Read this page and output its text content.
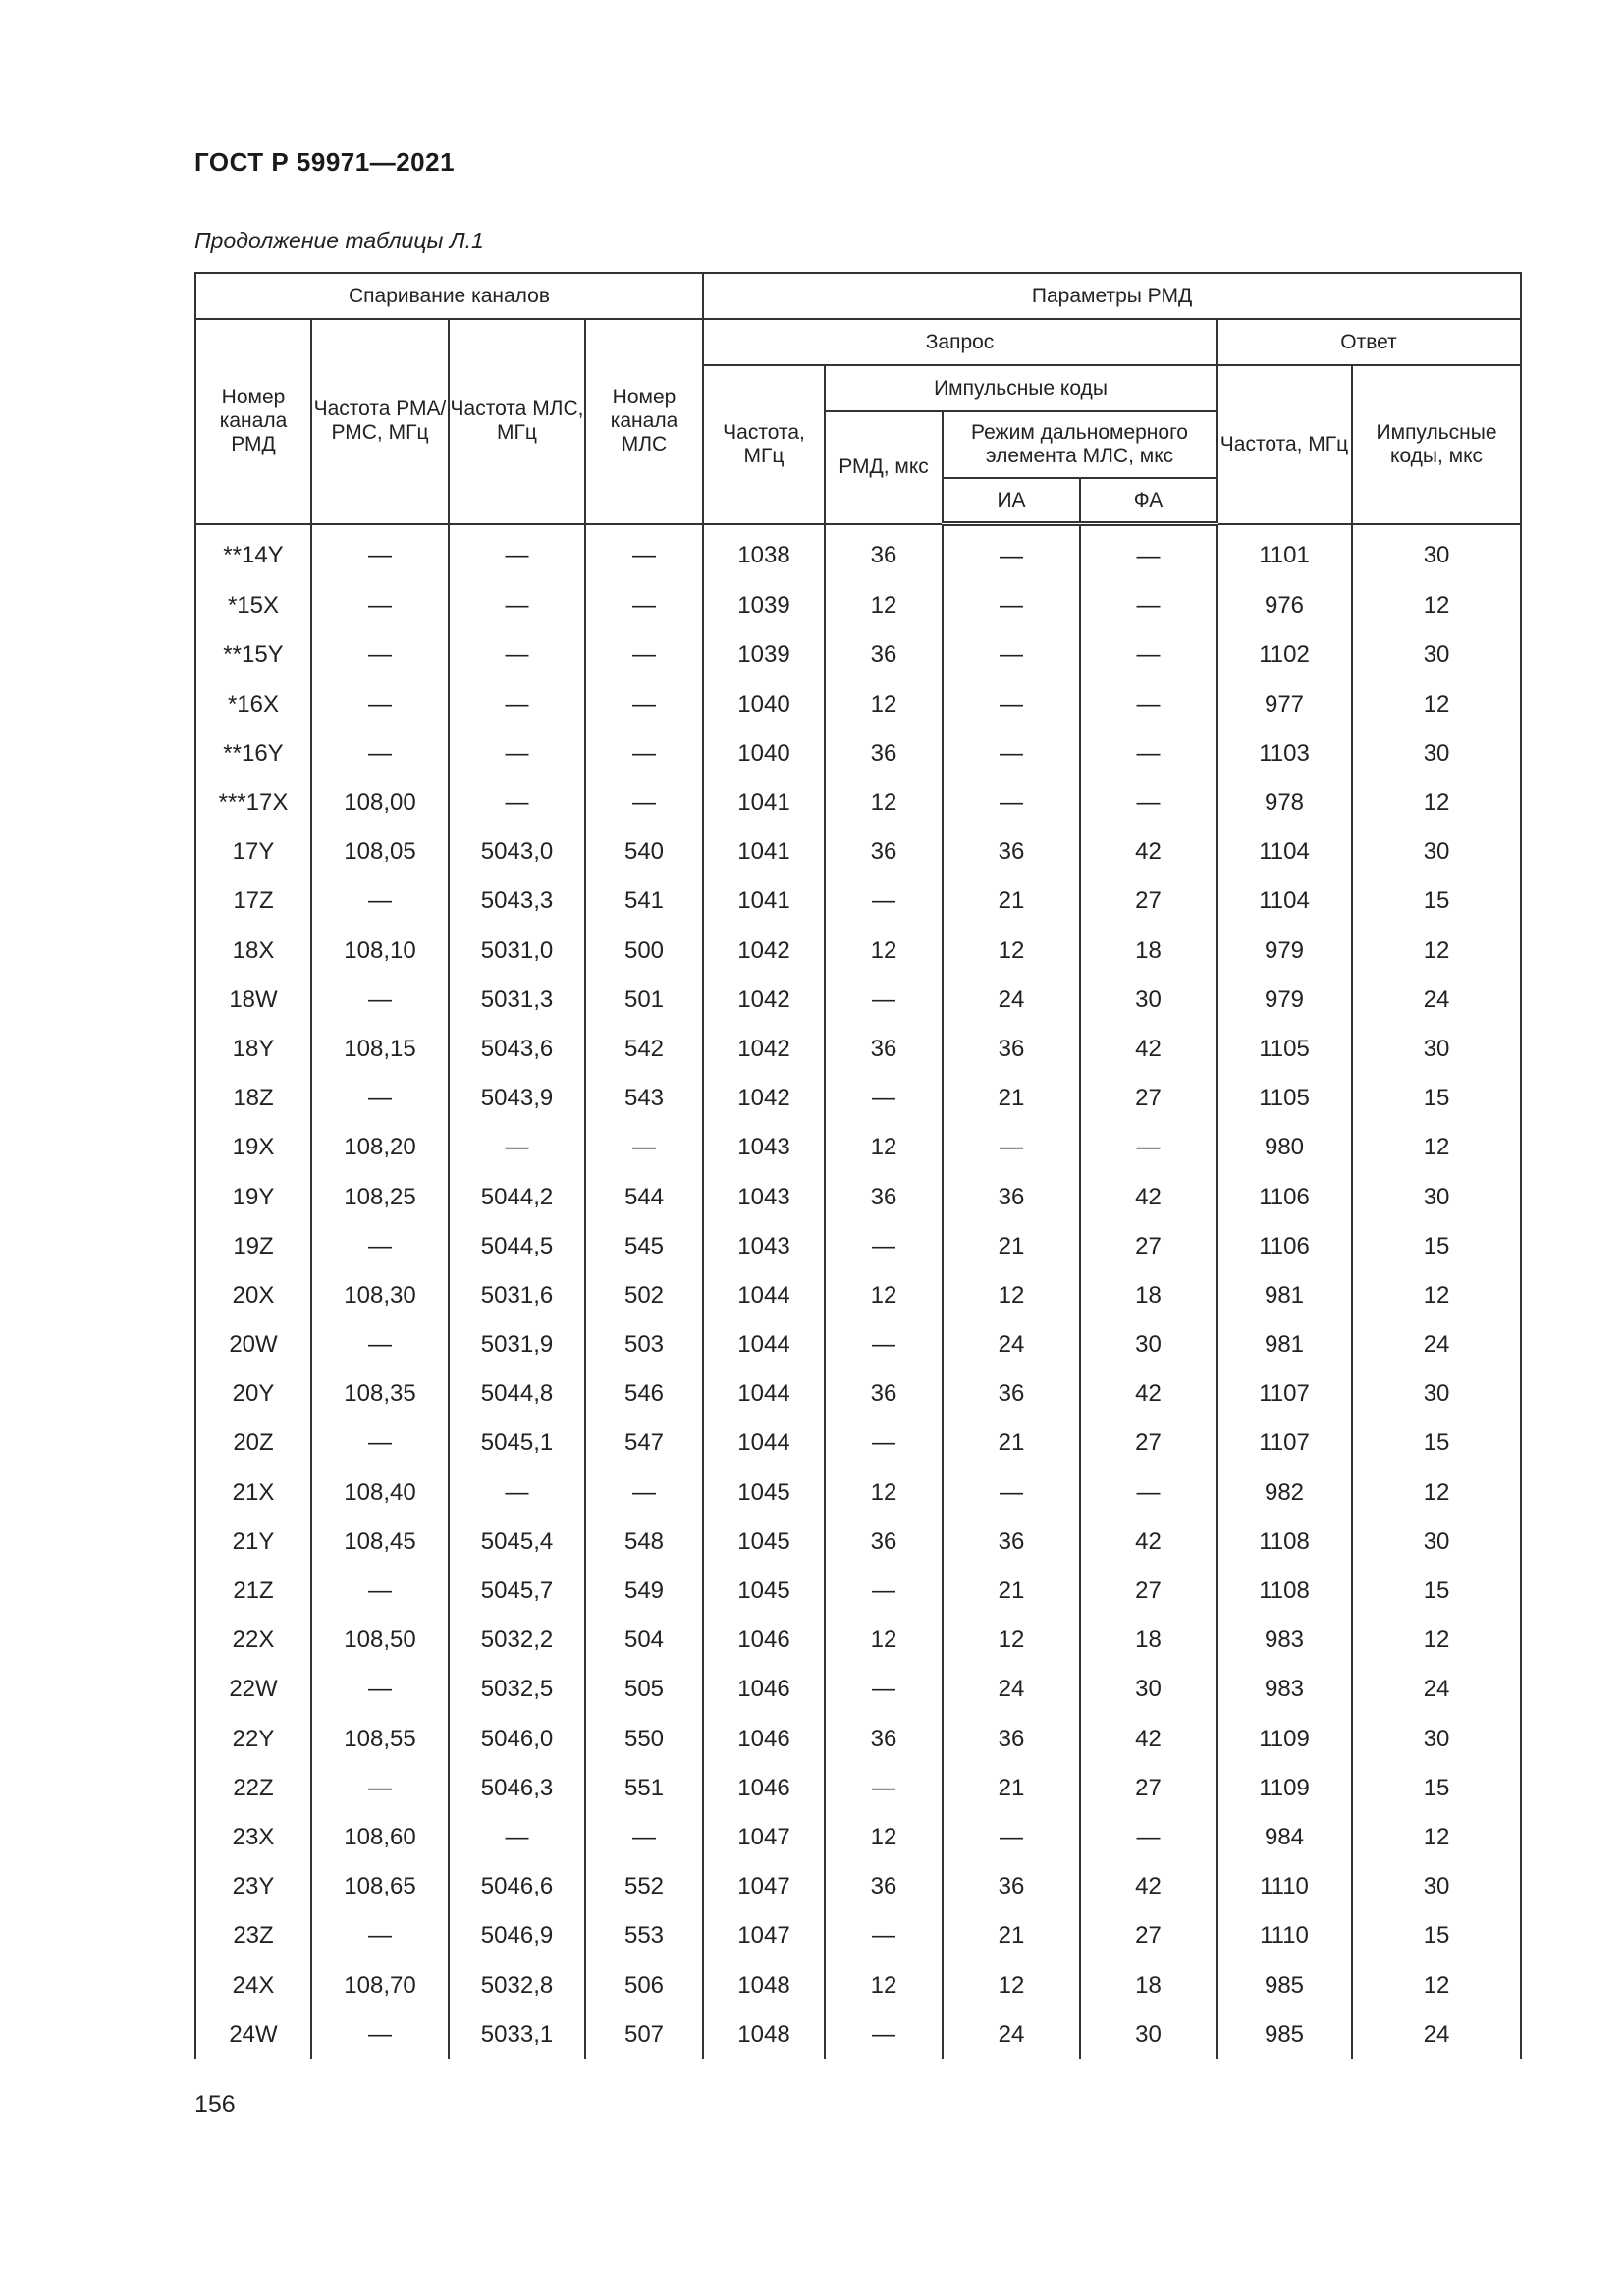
ГОСТ Р 59971—2021
Продолжение таблицы Л.1
Спаривание каналов				Параметры РМД					
Номер канала РМД	Частота РМА/ РМС, МГц	Частота МЛС, МГц	Номер канала МЛС	Запрос				Ответ	
				Частота, МГц	Импульсные коды			Частота, МГц	Импульсные коды, мкс
					РМД, мкс	Режим дальномерного элемента МЛС, мкс			
						ИА	ФА		
**14Y	—	—	—	1038	36	—	—	1101	30
*15X	—	—	—	1039	12	—	—	976	12
**15Y	—	—	—	1039	36	—	—	1102	30
*16X	—	—	—	1040	12	—	—	977	12
**16Y	—	—	—	1040	36	—	—	1103	30
***17X	108,00	—	—	1041	12	—	—	978	12
17Y	108,05	5043,0	540	1041	36	36	42	1104	30
17Z	—	5043,3	541	1041	—	21	27	1104	15
18X	108,10	5031,0	500	1042	12	12	18	979	12
18W	—	5031,3	501	1042	—	24	30	979	24
18Y	108,15	5043,6	542	1042	36	36	42	1105	30
18Z	—	5043,9	543	1042	—	21	27	1105	15
19X	108,20	—	—	1043	12	—	—	980	12
19Y	108,25	5044,2	544	1043	36	36	42	1106	30
19Z	—	5044,5	545	1043	—	21	27	1106	15
20X	108,30	5031,6	502	1044	12	12	18	981	12
20W	—	5031,9	503	1044	—	24	30	981	24
20Y	108,35	5044,8	546	1044	36	36	42	1107	30
20Z	—	5045,1	547	1044	—	21	27	1107	15
21X	108,40	—	—	1045	12	—	—	982	12
21Y	108,45	5045,4	548	1045	36	36	42	1108	30
21Z	—	5045,7	549	1045	—	21	27	1108	15
22X	108,50	5032,2	504	1046	12	12	18	983	12
22W	—	5032,5	505	1046	—	24	30	983	24
22Y	108,55	5046,0	550	1046	36	36	42	1109	30
22Z	—	5046,3	551	1046	—	21	27	1109	15
23X	108,60	—	—	1047	12	—	—	984	12
23Y	108,65	5046,6	552	1047	36	36	42	1110	30
23Z	—	5046,9	553	1047	—	21	27	1110	15
24X	108,70	5032,8	506	1048	12	12	18	985	12
24W	—	5033,1	507	1048	—	24	30	985	24
156
